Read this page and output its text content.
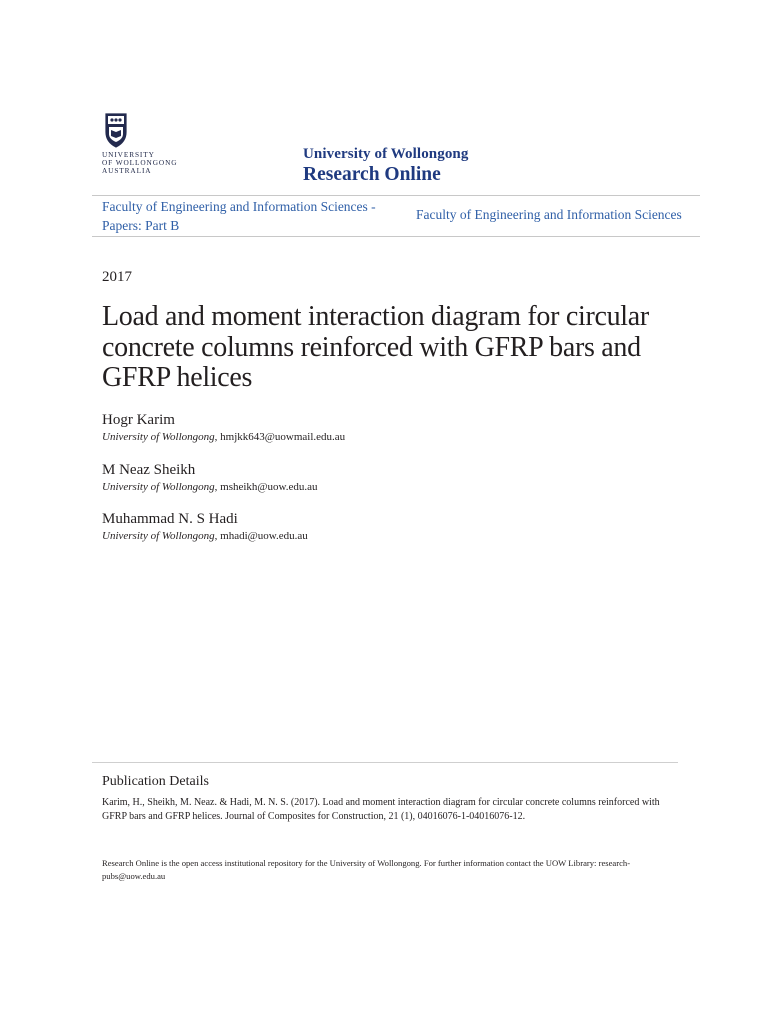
UNIVERSITY
OF WOLLONGONG
AUSTRALIA
University of Wollongong
Research Online
Faculty of Engineering and Information Sciences - Papers: Part B
Faculty of Engineering and Information Sciences
2017
Load and moment interaction diagram for circular concrete columns reinforced with GFRP bars and GFRP helices
Hogr Karim
University of Wollongong, hmjkk643@uowmail.edu.au
M Neaz Sheikh
University of Wollongong, msheikh@uow.edu.au
Muhammad N. S Hadi
University of Wollongong, mhadi@uow.edu.au
Publication Details
Karim, H., Sheikh, M. Neaz. & Hadi, M. N. S. (2017). Load and moment interaction diagram for circular concrete columns reinforced with GFRP bars and GFRP helices. Journal of Composites for Construction, 21 (1), 04016076-1-04016076-12.
Research Online is the open access institutional repository for the University of Wollongong. For further information contact the UOW Library: research-pubs@uow.edu.au
